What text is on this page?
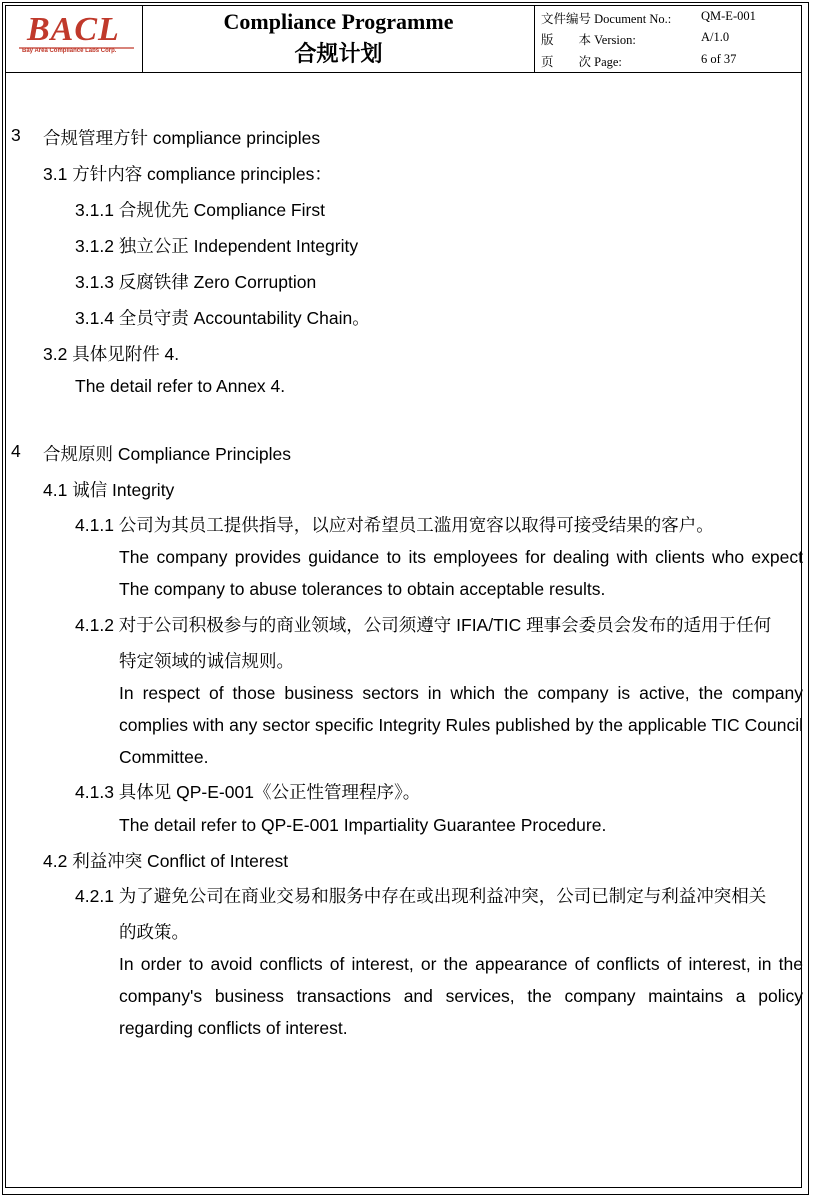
BACL
Bay Area Compliance Labs Corp.
Compliance Programme
合规计划
文件编号 Document No.: QM-E-001
版　　本 Version:	A/1.0
页　　次 Page:	6 of 37
3 合规管理方针 compliance principles
3.1 方针内容 compliance principles：
3.1.1 合规优先 Compliance First
3.1.2 独立公正 Independent Integrity
3.1.3 反腐铁律 Zero Corruption
3.1.4 全员守责 Accountability Chain。
3.2 具体见附件 4.
The detail refer to Annex 4.
4 合规原则 Compliance Principles
4.1 诚信 Integrity
4.1.1 公司为其员工提供指导，以应对希望员工滥用宽容以取得可接受结果的客户。
The company provides guidance to its employees for dealing with clients who expect The company to abuse tolerances to obtain acceptable results.
4.1.2 对于公司积极参与的商业领域，公司须遵守 IFIA/TIC 理事会委员会发布的适用于任何
特定领域的诚信规则。
In respect of those business sectors in which the company is active, the company complies with any sector specific Integrity Rules published by the applicable TIC Council Committee.
4.1.3 具体见 QP-E-001《公正性管理程序》。
The detail refer to QP-E-001 Impartiality Guarantee Procedure.
4.2 利益冲突 Conflict of Interest
4.2.1 为了避免公司在商业交易和服务中存在或出现利益冲突，公司已制定与利益冲突相关
的政策。
In order to avoid conflicts of interest, or the appearance of conflicts of interest, in the company's business transactions and services, the company maintains a policy regarding conflicts of interest.
